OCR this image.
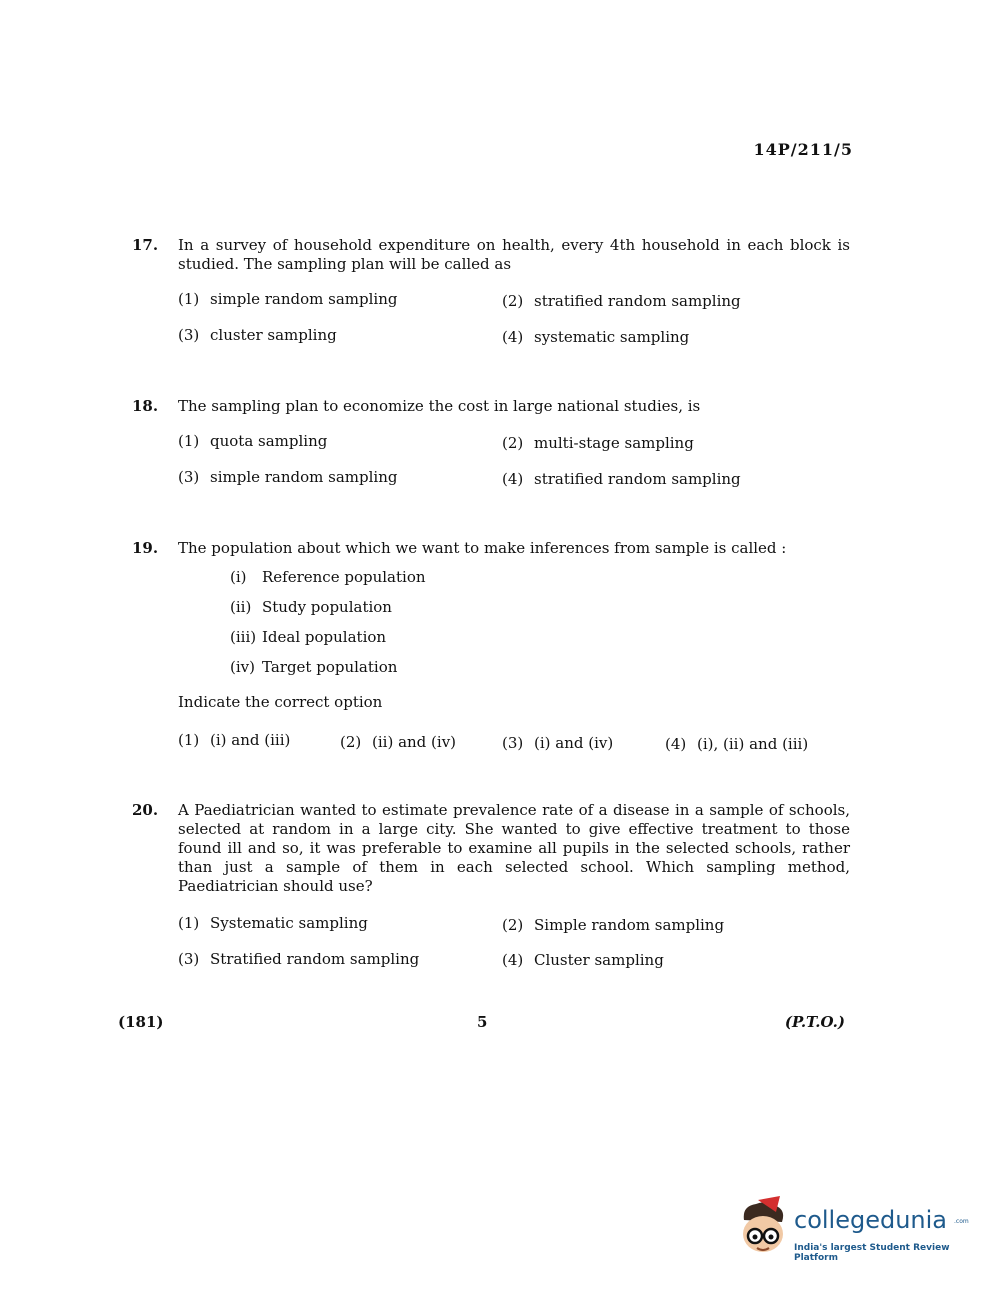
14P/211/5
17. In a survey of household expenditure on health, every 4th household in each block is studied. The sampling plan will be called as
(1) simple random sampling	(2) stratified random sampling
(3) cluster sampling	(4) systematic sampling
18. The sampling plan to economize the cost in large national studies, is
(1) quota sampling	(2) multi-stage sampling
(3) simple random sampling	(4) stratified random sampling
19. The population about which we want to make inferences from sample is called :
(i) Reference population
(ii) Study population
(iii) Ideal population
(iv) Target population
Indicate the correct option
(1) (i) and (iii)	(2) (ii) and (iv)	(3) (i) and (iv)	(4) (i), (ii) and (iii)
20. A Paediatrician wanted to estimate prevalence rate of a disease in a sample of schools, selected at random in a large city. She wanted to give effective treatment to those found ill and so, it was preferable to examine all pupils in the selected schools, rather than just a sample of them in each selected school. Which sampling method, Paediatrician should use?
(1) Systematic sampling	(2) Simple random sampling
(3) Stratified random sampling	(4) Cluster sampling
(181)	5	(P.T.O.)
collegedunia .com
India's largest Student Review Platform
